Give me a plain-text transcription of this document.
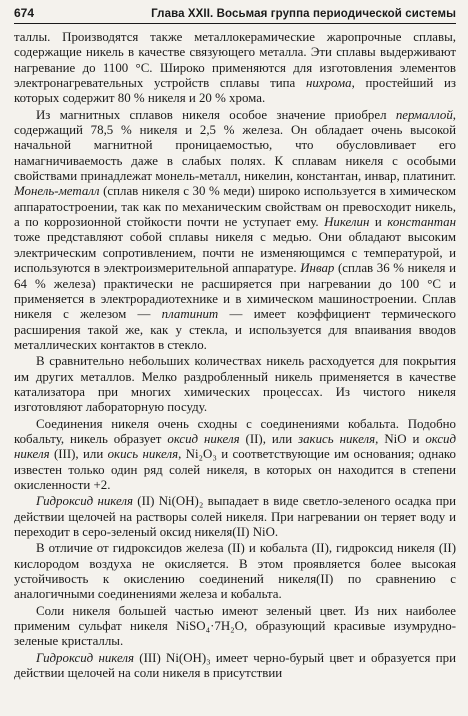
674	Глава XXII. Восьмая группа периодической системы

таллы. Производятся также металлокерамические жаропрочные сплавы, содержащие никель в качестве связующего металла. Эти сплавы выдерживают нагревание до 1100 °С. Широко применяются для изготовления элементов электронагревательных устройств сплавы типа нихрома, простейший из которых содержит 80 % никеля и 20 % хрома.

Из магнитных сплавов никеля особое значение приобрел пермаллой, содержащий 78,5 % никеля и 2,5 % железа. Он обладает очень высокой начальной магнитной проницаемостью, что обусловливает его намагничиваемость даже в слабых полях. К сплавам никеля с особыми свойствами принадлежат монель-металл, никелин, константан, инвар, платинит. Монель-металл (сплав никеля с 30 % меди) широко используется в химическом аппаратостроении, так как по механическим свойствам он превосходит никель, а по коррозионной стойкости почти не уступает ему. Никелин и константан тоже представляют собой сплавы никеля с медью. Они обладают высоким электрическим сопротивлением, почти не изменяющимся с температурой, и используются в электроизмерительной аппаратуре. Инвар (сплав 36 % никеля и 64 % железа) практически не расширяется при нагревании до 100 °С и применяется в электрорадиотехнике и в химическом машиностроении. Сплав никеля с железом — платинит — имеет коэффициент термического расширения такой же, как у стекла, и используется для впаивания вводов металлических контактов в стекло.

В сравнительно небольших количествах никель расходуется для покрытия им других металлов. Мелко раздробленный никель применяется в качестве катализатора при многих химических процессах. Из чистого никеля изготовляют лабораторную посуду.

Соединения никеля очень сходны с соединениями кобальта. Подобно кобальту, никель образует оксид никеля (II), или закись никеля, NiO и оксид никеля (III), или окись никеля, Ni₂O₃ и соответствующие им основания; однако известен только один ряд солей никеля, в которых он находится в степени окисленности +2.

Гидроксид никеля (II) Ni(OH)₂ выпадает в виде светло-зеленого осадка при действии щелочей на растворы солей никеля. При нагревании он теряет воду и переходит в серо-зеленый оксид никеля(II) NiO.

В отличие от гидроксидов железа (II) и кобальта (II), гидроксид никеля (II) кислородом воздуха не окисляется. В этом проявляется более высокая устойчивость к окислению соединений никеля(II) по сравнению с аналогичными соединениями железа и кобальта.

Соли никеля большей частью имеют зеленый цвет. Из них наиболее применим сульфат никеля NiSO₄·7H₂O, образующий красивые изумрудно-зеленые кристаллы.

Гидроксид никеля (III) Ni(OH)₃ имеет черно-бурый цвет и образуется при действии щелочей на соли никеля в присутствии
